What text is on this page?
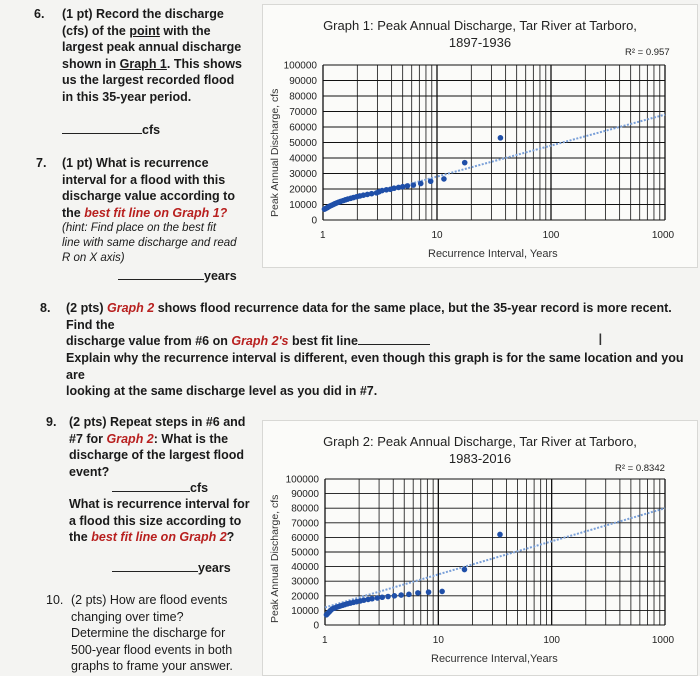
6. (1 pt) Record the discharge
(cfs) of the point with the
largest peak annual discharge
shown in Graph 1. This shows
us the largest recorded flood
in this 35-year period.
cfs
7. (1 pt) What is recurrence
interval for a flood with this
discharge value according to
the best fit line on Graph 1?
(hint: Find place on the best fit
line with same discharge and read
R on X axis)
years
Graph 1: Peak Annual Discharge, Tar River at Tarboro,
1897-1936
R² = 0.957
Peak Annual Discharge, cfs
Recurrence Interval, Years
0
10000
20000
30000
40000
50000
60000
70000
80000
90000
100000
1	10	100	1000
8. (2 pts) Graph 2 shows flood recurrence data for the same place, but the 35-year record is more recent.  Find the
discharge value from #6 on Graph 2's best fit line	I
Explain why the recurrence interval is different, even though this graph is for the same location and you are
looking at the same discharge level as you did in #7.
9. (2 pts) Repeat steps in #6 and
#7 for Graph 2: What is the
discharge of the largest flood
event?
cfs
What is recurrence interval for
a flood this size according to
the best fit line on Graph 2?
years
10. (2 pts) How are flood events
changing over time?
Determine the discharge for
500-year flood events in both
graphs to frame your answer.
Graph 2: Peak Annual Discharge, Tar River at Tarboro,
1983-2016
R² = 0.8342
Peak Annual Discharge, cfs
Recurrence Interval,Years
0
10000
20000
30000
40000
50000
60000
70000
80000
90000
100000
1	10	100	1000
